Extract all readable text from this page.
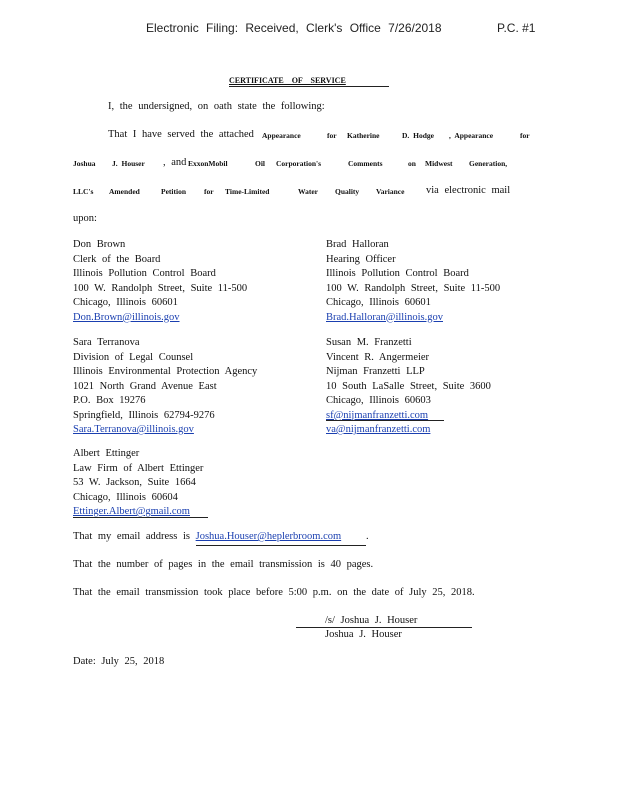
Electronic Filing: Received, Clerk's Office 7/26/2018	P.C. #1
CERTIFICATE OF SERVICE
I, the undersigned, on oath state the following:
That I have served the attached Appearance	for Katherine	D. Hodge , Appearance	for
Joshua J. Houser , and ExxonMobil	Oil Corporation's	Comments	on Midwest Generation,
LLC's Amended	Petition for Time-Limited	Water Quality Variance via electronic mail
upon:
Don Brown
Clerk of the Board
Illinois Pollution Control Board
100 W. Randolph Street, Suite 11-500
Chicago, Illinois 60601
Don.Brown@illinois.gov
Brad Halloran
Hearing Officer
Illinois Pollution Control Board
100 W. Randolph Street, Suite 11-500
Chicago, Illinois 60601
Brad.Halloran@illinois.gov
Sara Terranova
Division of Legal Counsel
Illinois Environmental Protection Agency
1021 North Grand Avenue East
P.O. Box 19276
Springfield, Illinois 62794-9276
Sara.Terranova@illinois.gov
Susan M. Franzetti
Vincent R. Angermeier
Nijman Franzetti LLP
10 South LaSalle Street, Suite 3600
Chicago, Illinois 60603
sf@nijmanfranzetti.com
va@nijmanfranzetti.com
Albert Ettinger
Law Firm of Albert Ettinger
53 W. Jackson, Suite 1664
Chicago, Illinois 60604
Ettinger.Albert@gmail.com
That my email address is Joshua.Houser@heplerbroom.com .
That the number of pages in the email transmission is 40 pages.
That the email transmission took place before 5:00 p.m. on the date of July 25, 2018.
/s/ Joshua J. Houser
Joshua J. Houser
Date: July 25, 2018
